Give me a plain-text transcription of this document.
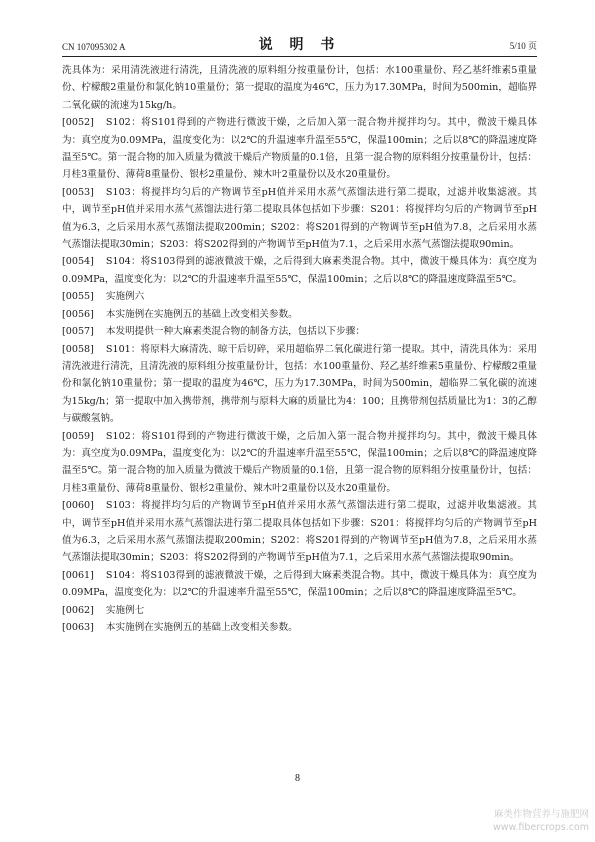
CN 107095302 A	说 明 书	5/10 页

洗具体为：采用清洗液进行清洗，且清洗液的原料组分按重量份计，包括：水100重量份、羟乙基纤维素5重量份、柠檬酸2重量份和氯化钠10重量份；第一提取的温度为46℃，压力为17.30MPa，时间为500min，超临界二氧化碳的流速为15kg/h。

[0052] S102：将S101得到的产物进行微波干燥，之后加入第一混合物并搅拌均匀。其中，微波干燥具体为：真空度为0.09MPa，温度变化为：以2℃的升温速率升温至55℃，保温100min；之后以8℃的降温速度降温至5℃。第一混合物的加入质量为微波干燥后产物质量的0.1倍，且第一混合物的原料组分按重量份计，包括：月桂3重量份、薄荷8重量份、银杉2重量份、辣木叶2重量份以及水20重量份。

[0053] S103：将搅拌均匀后的产物调节至pH值并采用水蒸气蒸馏法进行第二提取，过滤并收集滤液。其中，调节至pH值并采用水蒸气蒸馏法进行第二提取具体包括如下步骤：S201：将搅拌均匀后的产物调节至pH值为6.3，之后采用水蒸气蒸馏法提取200min；S202：将S201得到的产物调节至pH值为7.8，之后采用水蒸气蒸馏法提取30min；S203：将S202得到的产物调节至pH值为7.1，之后采用水蒸气蒸馏法提取90min。

[0054] S104：将S103得到的滤液微波干燥，之后得到大麻素类混合物。其中，微波干燥具体为：真空度为0.09MPa，温度变化为：以2℃的升温速率升温至55℃，保温100min；之后以8℃的降温速度降温至5℃。

[0055] 实施例六

[0056] 本实施例在实施例五的基础上改变相关参数。

[0057] 本发明提供一种大麻素类混合物的制备方法，包括以下步骤：

[0058] S101：将原料大麻清洗、晾干后切碎，采用超临界二氧化碳进行第一提取。其中，清洗具体为：采用清洗液进行清洗，且清洗液的原料组分按重量份计，包括：水100重量份、羟乙基纤维素5重量份、柠檬酸2重量份和氯化钠10重量份；第一提取的温度为46℃，压力为17.30MPa，时间为500min，超临界二氧化碳的流速为15kg/h；第一提取中加入携带剂，携带剂与原料大麻的质量比为4：100；且携带剂包括质量比为1：3的乙醇与碳酸氢钠。

[0059] S102：将S101得到的产物进行微波干燥，之后加入第一混合物并搅拌均匀。其中，微波干燥具体为：真空度为0.09MPa，温度变化为：以2℃的升温速率升温至55℃，保温100min；之后以8℃的降温速度降温至5℃。第一混合物的加入质量为微波干燥后产物质量的0.1倍，且第一混合物的原料组分按重量份计，包括：月桂3重量份、薄荷8重量份、银杉2重量份、辣木叶2重量份以及水20重量份。

[0060] S103：将搅拌均匀后的产物调节至pH值并采用水蒸气蒸馏法进行第二提取，过滤并收集滤液。其中，调节至pH值并采用水蒸气蒸馏法进行第二提取具体包括如下步骤：S201：将搅拌均匀后的产物调节至pH值为6.3，之后采用水蒸气蒸馏法提取200min；S202：将S201得到的产物调节至pH值为7.8，之后采用水蒸气蒸馏法提取30min；S203：将S202得到的产物调节至pH值为7.1，之后采用水蒸气蒸馏法提取90min。

[0061] S104：将S103得到的滤液微波干燥，之后得到大麻素类混合物。其中，微波干燥具体为：真空度为0.09MPa，温度变化为：以2℃的升温速率升温至55℃，保温100min；之后以8℃的降温速度降温至5℃。

[0062] 实施例七

[0063] 本实施例在实施例五的基础上改变相关参数。

8
麻类作物营养与施肥网
www.fibercrops.com
